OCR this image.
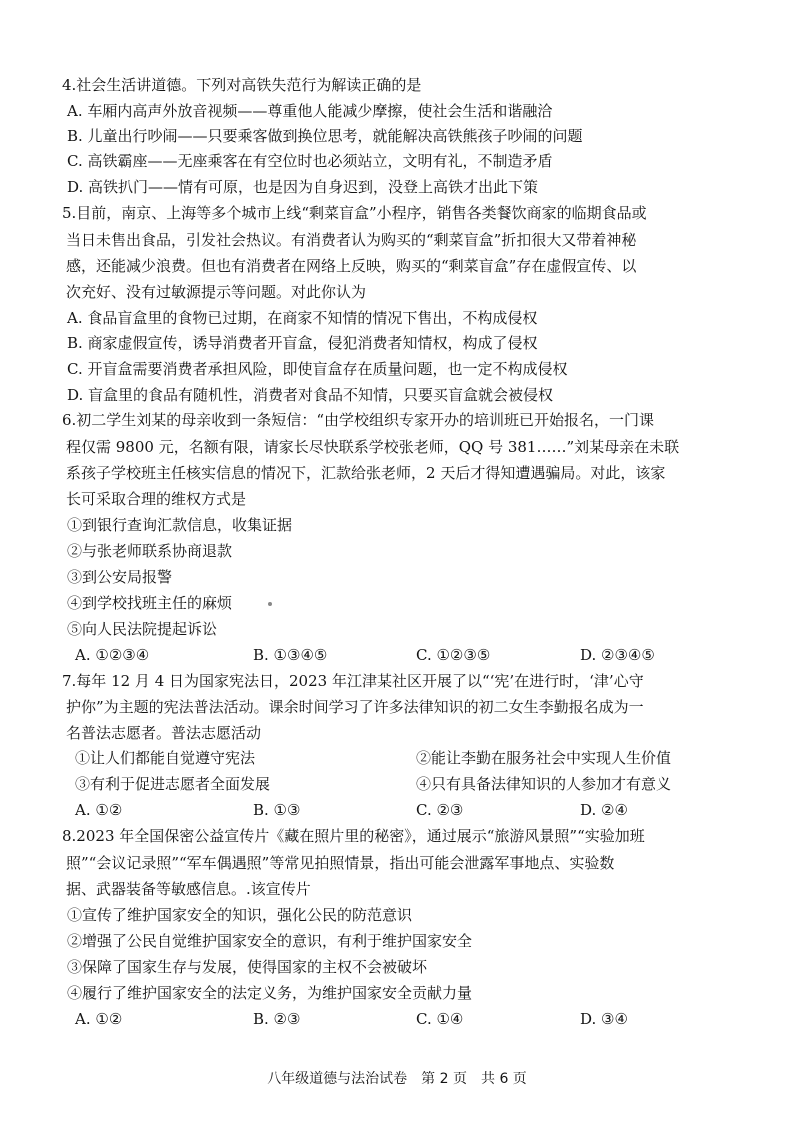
4.社会生活讲道德。下列对高铁失范行为解读正确的是
A. 车厢内高声外放音视频——尊重他人能减少摩擦，使社会生活和谐融洽
B. 儿童出行吵闹——只要乘客做到换位思考，就能解决高铁熊孩子吵闹的问题
C. 高铁霸座——无座乘客在有空位时也必须站立，文明有礼，不制造矛盾
D. 高铁扒门——情有可原，也是因为自身迟到，没登上高铁才出此下策
5.目前，南京、上海等多个城市上线“剩菜盲盒”小程序，销售各类餐饮商家的临期食品或
当日未售出食品，引发社会热议。有消费者认为购买的“剩菜盲盒”折扣很大又带着神秘
感，还能减少浪费。但也有消费者在网络上反映，购买的“剩菜盲盒”存在虚假宣传、以
次充好、没有过敏源提示等问题。对此你认为
A. 食品盲盒里的食物已过期，在商家不知情的情况下售出，不构成侵权
B. 商家虚假宣传，诱导消费者开盲盒，侵犯消费者知情权，构成了侵权
C. 开盲盒需要消费者承担风险，即使盲盒存在质量问题，也一定不构成侵权
D. 盲盒里的食品有随机性，消费者对食品不知情，只要买盲盒就会被侵权
6.初二学生刘某的母亲收到一条短信：“由学校组织专家开办的培训班已开始报名，一门课
程仅需 9800 元，名额有限，请家长尽快联系学校张老师，QQ 号 381……”刘某母亲在未联
系孩子学校班主任核实信息的情况下，汇款给张老师，2 天后才得知遭遇骗局。对此，该家
长可采取合理的维权方式是
①到银行查询汇款信息，收集证据
②与张老师联系协商退款
③到公安局报警
④到学校找班主任的麻烦
⑤向人民法院提起诉讼
A. ①②③④	B. ①③④⑤	C. ①②③⑤	D. ②③④⑤
7.每年 12 月 4 日为国家宪法日，2023 年江津某社区开展了以“‘宪’在进行时，‘津’心守
护你”为主题的宪法普法活动。课余时间学习了许多法律知识的初二女生李勤报名成为一
名普法志愿者。普法志愿活动
①让人们都能自觉遵守宪法	②能让李勤在服务社会中实现人生价值
③有利于促进志愿者全面发展	④只有具备法律知识的人参加才有意义
A. ①②	B. ①③	C. ②③	D. ②④
8.2023 年全国保密公益宣传片《藏在照片里的秘密》，通过展示“旅游风景照”“实验加班
照”“会议记录照”“军车偶遇照”等常见拍照情景，指出可能会泄露军事地点、实验数
据、武器装备等敏感信息。.该宣传片
①宣传了维护国家安全的知识，强化公民的防范意识
②增强了公民自觉维护国家安全的意识，有利于维护国家安全
③保障了国家生存与发展，使得国家的主权不会被破坏
④履行了维护国家安全的法定义务，为维护国家安全贡献力量
A. ①②	B. ②③	C. ①④	D. ③④
八年级道德与法治试卷　第 2 页　共 6 页
